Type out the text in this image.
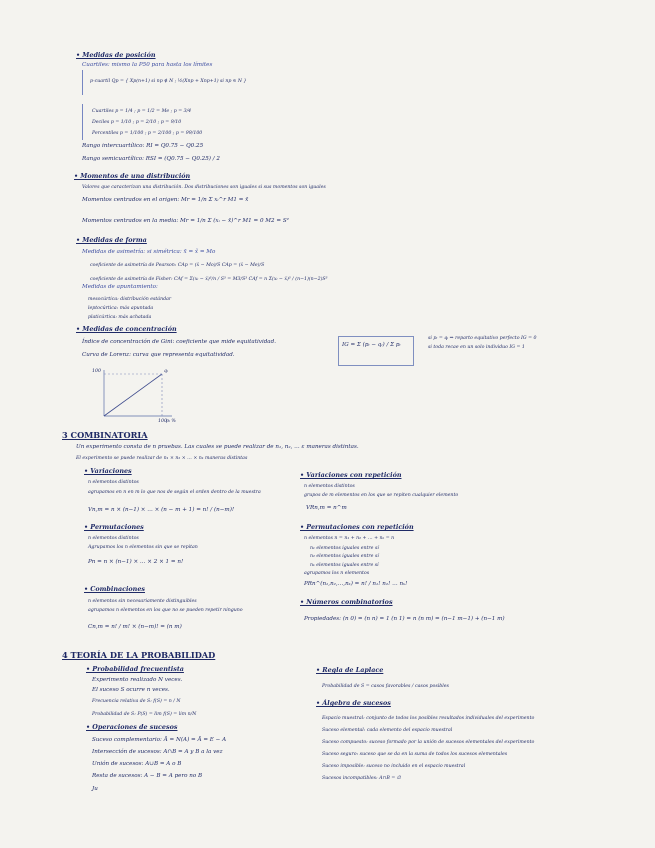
• Medidas de posición
Cuartiles: mismo la P50 para hasta los límites
p-cuartil Qp = { Xp(n+1) si np ∉ N ; ½(Xnp + Xnp+1) si np ∈ N }
Cuartiles p = 1/4 ; p = 1/2 = Me ; p = 3/4
Deciles p = 1/10 ; p = 2/10 ; p = 9/10
Percentiles p = 1/100 ; p = 2/100 ; p = 99/100
Rango intercuartílico: RI = Q0.75 − Q0.25
Rango semicuartílico: RSI = (Q0.75 − Q0.25) / 2
• Momentos de una distribución
Valores que caracterizan una distribución. Dos distribuciones son iguales si sus momentos son iguales
Momentos centrados en el origen: Mr = 1/n Σ xᵢ^r M1 = x̄
Momentos centrados en la media: Mr = 1/n Σ (xᵢ − x̄)^r M1 = 0 M2 = S²
• Medidas de forma
Medidas de asimetría: si simétrica: x̄ = x̃ = Mo
coeficiente de asimetría de Pearson: CAp = (x̄ − Mo)/S CAp = (x̄ − Me)/S
coeficiente de asimetría de Fisher: CAf = Σ(xᵢ − x̄)³/n / S³ = M3/S³ CAf = n Σ(xᵢ − x̄)³ / (n−1)(n−2)S³
Medidas de apuntamiento:
mesocúrtica: distribución estándar
leptocúrtica: más apuntada
platicúrtica: más achatada
• Medidas de concentración
Índice de concentración de Gini: coeficiente que mide equitatividad.
Curva de Lorenz: curva que representa equitatividad.
IG = Σ (pᵢ − qᵢ) / Σ pᵢ
si pᵢ = qᵢ ⇒ reparto equitativo perfecto IG = 0
si toda recae en un solo individuo IG = 1
100
100 pᵢ %
qᵢ
3 COMBINATORIA
Un experimento consta de n pruebas. Las cuales se puede realizar de n₁, n₂, … ε maneras distintas.
El experimento se puede realizar de n₁ × n₂ × … × nₖ maneras distintas
• Variaciones
n elementos distintos
agrupamos en n en m lo que nos de según el orden dentro de la muestra
Vn,m = n × (n−1) × … × (n − m + 1) = n! / (n−m)!
• Variaciones con repetición
n elementos distintos
grupos de m elementos en los que se repiten cualquier elemento
VRn,m = n^m
• Permutaciones
n elementos distintos
Agrupamos los n elementos sin que se repitan
Pn = n × (n−1) × … × 2 × 1 = n!
• Permutaciones con repetición
n elementos n = n₁ + n₂ + … + nₖ = n
n₁ elementos iguales entre sí
n₂ elementos iguales entre sí
nₖ elementos iguales entre sí
agrupamos los n elementos
PRn^(n₁,n₂,…,nₖ) = n! / n₁! n₂! … nₖ!
• Combinaciones
n elementos sin necesariamente distinguibles
agrupamos n elementos en los que no se pueden repetir ninguno
Cn,m = n! / m! × (n−m)! = (n m)
• Números combinatorios
Propiedades: (n 0) = (n n) = 1 (n 1) = n (n m) = (n−1 m−1) + (n−1 m)
4 TEORÍA DE LA PROBABILIDAD
• Probabilidad frecuentista
Experimento realizado N veces.
El suceso S ocurre n veces.
Frecuencia relativa de S: f(S) = n / N
Probabilidad de S: P(S) = lim f(S) = lim n/N
• Operaciones de sucesos
Suceso complementario: Ā = N(A) = Ā = E − A
Intersección de sucesos: A∩B = A y B a la vez
Unión de sucesos: A∪B = A o B
Resta de sucesos: A − B = A pero no B
Ju
• Regla de Laplace
Probabilidad de S = casos favorables / casos posibles
• Álgebra de sucesos
Espacio muestral: conjunto de todos los posibles resultados individuales del experimento
Suceso elemental: cada elemento del espacio muestral
Suceso compuesto: suceso formado por la unión de sucesos elementales del experimento
Suceso seguro: suceso que se da en la suma de todos los sucesos elementales
Suceso imposible: suceso no incluido en el espacio muestral
Sucesos incompatibles: A∩B = ∅
